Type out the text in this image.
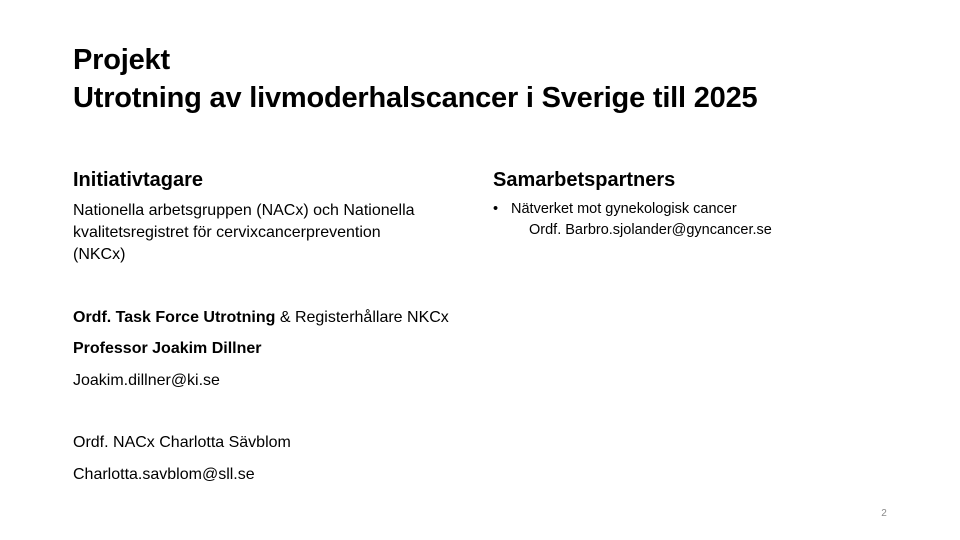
Projekt
Utrotning av livmoderhalscancer i Sverige till 2025
Initiativtagare
Nationella arbetsgruppen (NACx) och Nationella
kvalitetsregistret för cervixcancerprevention
(NKCx)
Ordf. Task Force Utrotning & Registerhållare NKCx
Professor Joakim Dillner
Joakim.dillner@ki.se
Ordf. NACx Charlotta Sävblom
Charlotta.savblom@sll.se
Samarbetspartners
• Nätverket mot gynekologisk cancer
Ordf. Barbro.sjolander@gyncancer.se
2
